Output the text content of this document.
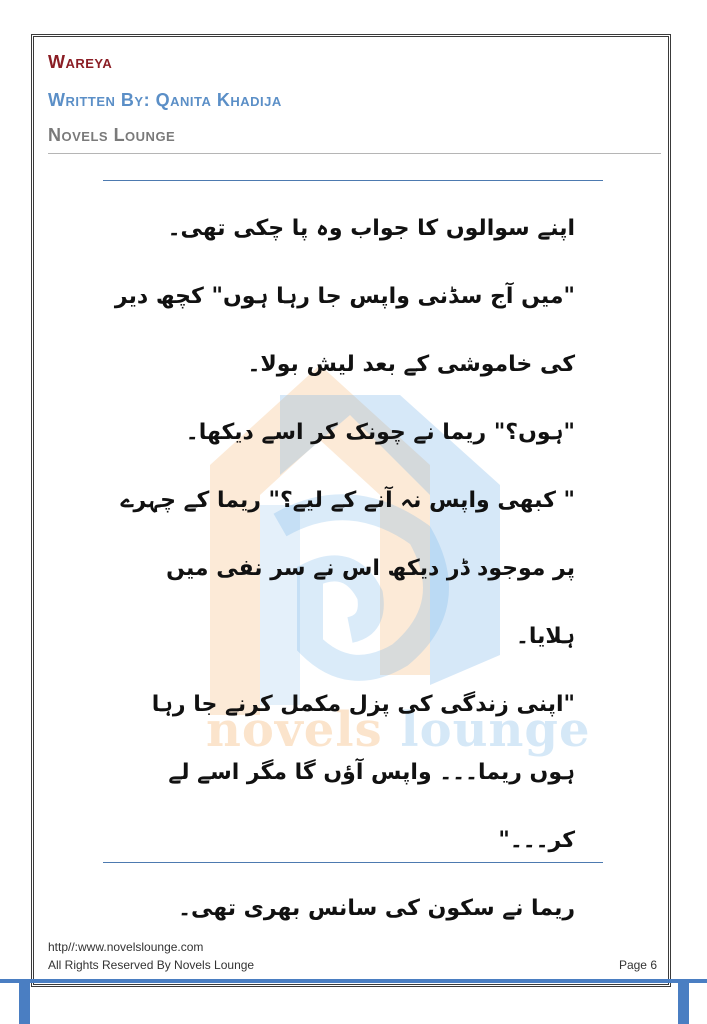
Wareya
Written By: Qanita Khadija
Novels Lounge
novels lounge

اپنے سوالوں کا جواب وہ پا چکی تھی۔

"میں آج سڈنی واپس جا رہا ہوں" کچھ دیر کی خاموشی کے بعد لیش بولا۔

"ہوں؟" ریما نے چونک کر اسے دیکھا۔

" کبھی واپس نہ آنے کے لیے؟" ریما کے چہرے پر موجود ڈر دیکھ اس نے سر نفی میں ہلایا۔

"اپنی زندگی کی پزل مکمل کرنے جا رہا ہوں ریما۔۔۔ واپس آؤں گا مگر اسے لے کر۔۔۔"

ریما نے سکون کی سانس بھری تھی۔

http//:www.novelslounge.com
All Rights Reserved By Novels Lounge	Page 6
